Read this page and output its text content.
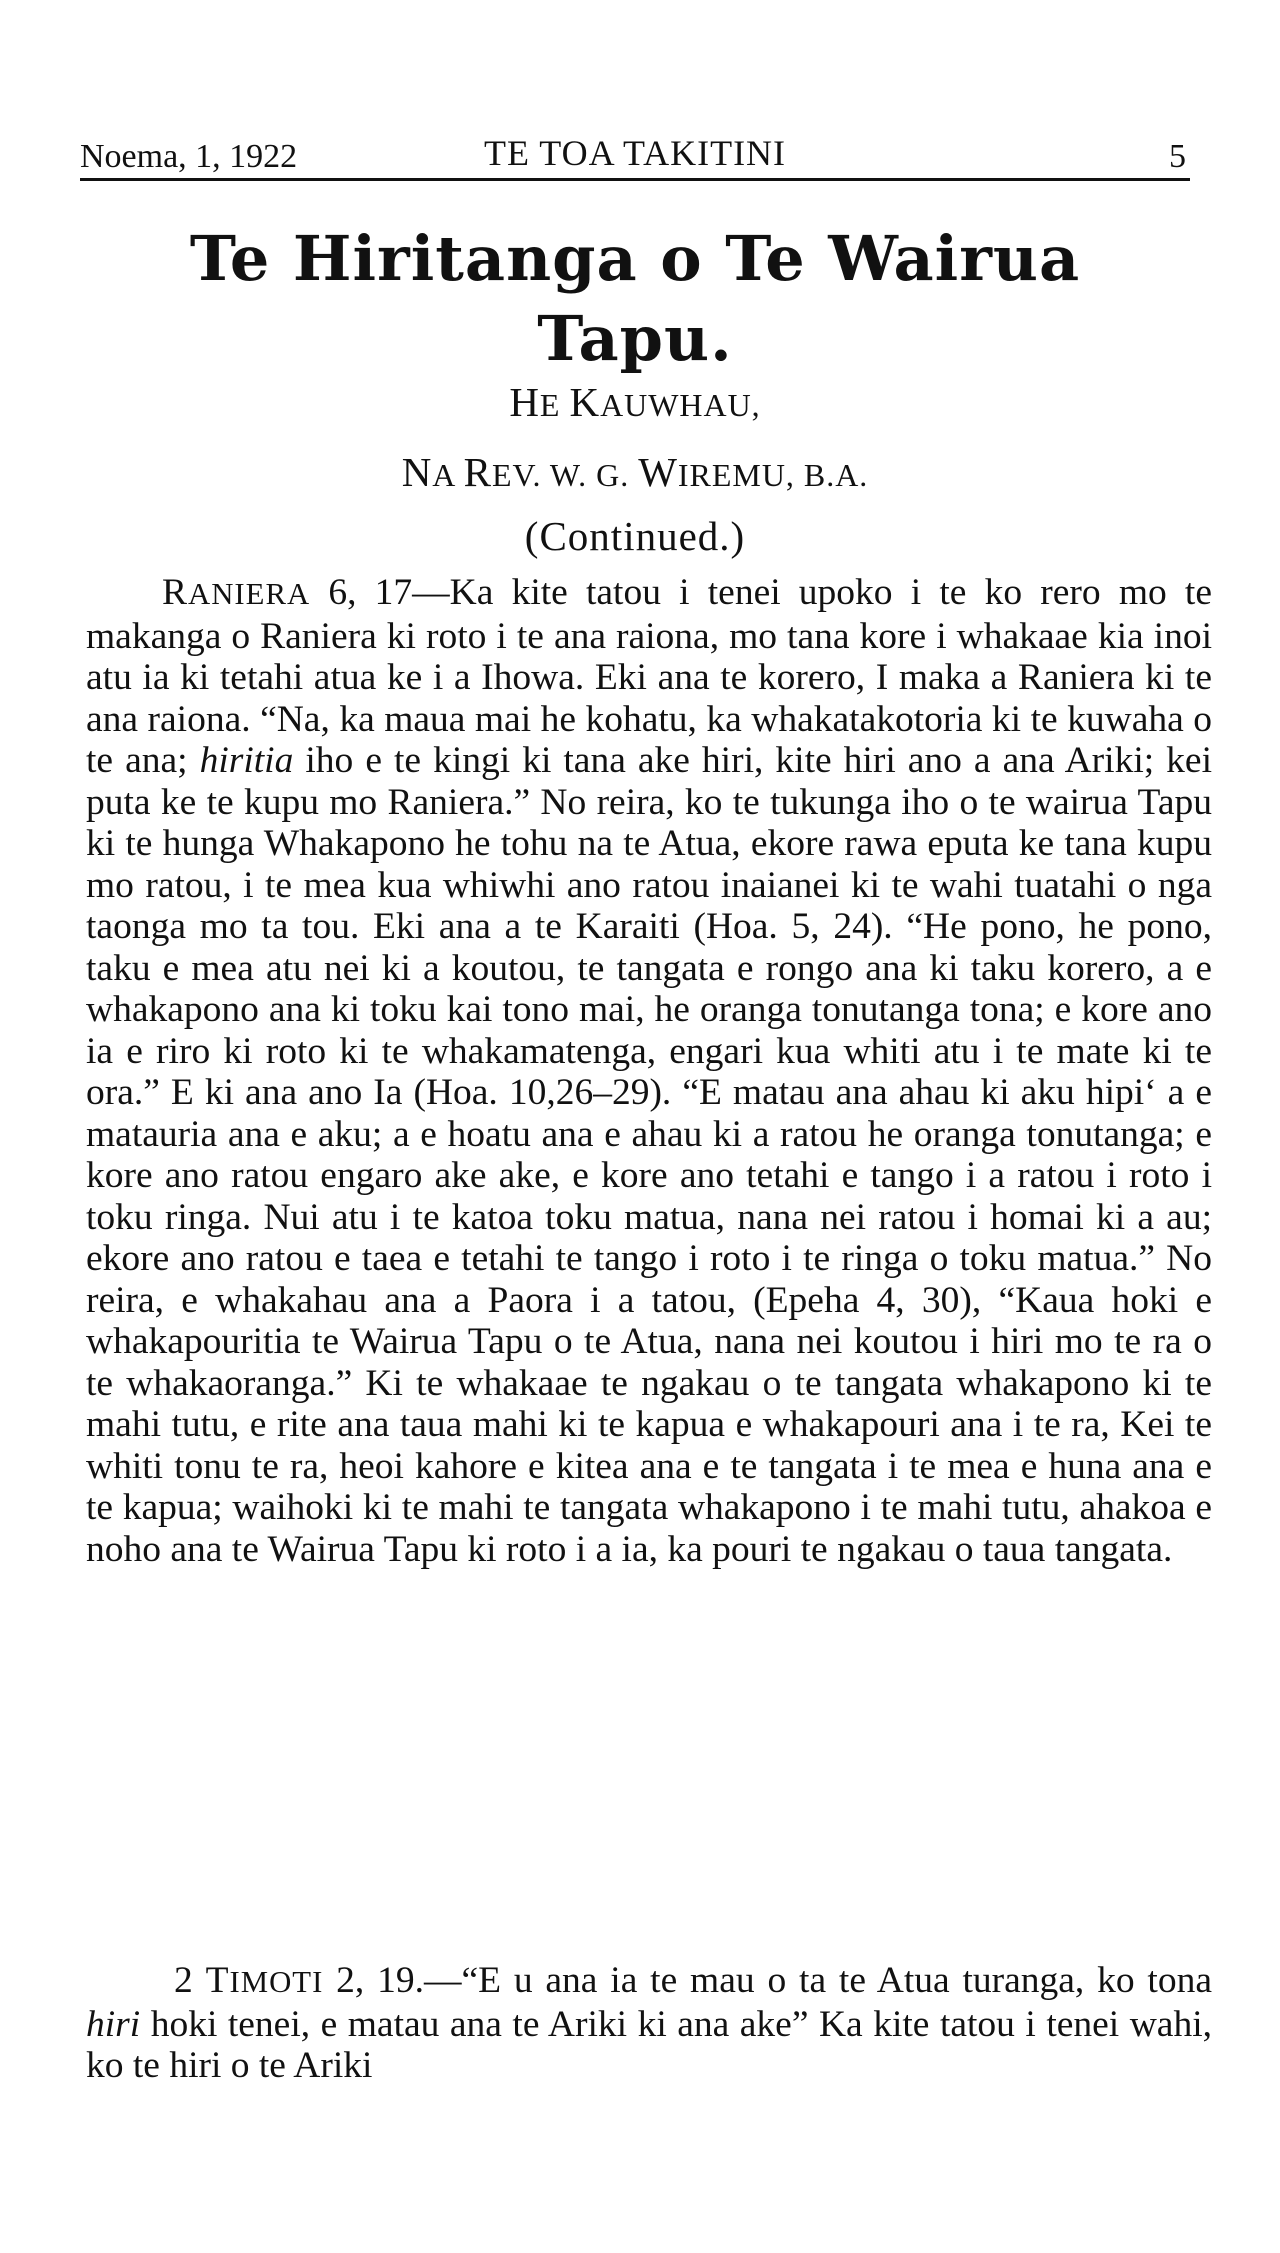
Noema, 1, 1922	TE TOA TAKITINI	5
Te Hiritanga o Te Wairua
Tapu.
HE KAUWHAU,
NA REV. W. G. WIREMU, B.A.
(Continued.)

RANIERA 6, 17—Ka kite tatou i tenei upoko i te ko rero mo te makanga o Raniera ki roto i te ana raiona, mo tana kore i whakaae kia inoi atu ia ki tetahi atua ke i a Ihowa. Eki ana te korero, I maka a Raniera ki te ana raiona. “Na, ka maua mai he kohatu, ka whakatakotoria ki te kuwaha o te ana; hiritia iho e te kingi ki tana ake hiri, kite hiri ano a ana Ariki; kei puta ke te kupu mo Raniera.” No reira, ko te tukunga iho o te wairua Tapu ki te hunga Whakapono he tohu na te Atua, ekore rawa eputa ke tana kupu mo ratou, i te mea kua whiwhi ano ratou inaianei ki te wahi tuatahi o nga taonga mo ta tou. Eki ana a te Karaiti (Hoa. 5, 24). “He pono, he pono, taku e mea atu nei ki a koutou, te tangata e rongo ana ki taku korero, a e whakapono ana ki toku kai tono mai, he oranga tonutanga tona; e kore ano ia e riro ki roto ki te whakamatenga, engari kua whiti atu i te mate ki te ora.” E ki ana ano Ia (Hoa. 10,26–29). “E matau ana ahau ki aku hipi‘ a e matauria ana e aku; a e hoatu ana e ahau ki a ratou he oranga tonutanga; e kore ano ratou engaro ake ake, e kore ano tetahi e tango i a ratou i roto i toku ringa. Nui atu i te katoa toku matua, nana nei ratou i homai ki a au; ekore ano ratou e taea e tetahi te tango i roto i te ringa o toku matua.” No reira, e whakahau ana a Paora i a tatou, (Epeha 4, 30), “Kaua hoki e whakapouritia te Wairua Tapu o te Atua, nana nei koutou i hiri mo te ra o te whakaoranga.” Ki te whakaae te ngakau o te tangata whakapono ki te mahi tutu, e rite ana taua mahi ki te kapua e whakapouri ana i te ra, Kei te whiti tonu te ra, heoi kahore e kitea ana e te tangata i te mea e huna ana e te kapua; waihoki ki te mahi te tangata whakapono i te mahi tutu, ahakoa e noho ana te Wairua Tapu ki roto i a ia, ka pouri te ngakau o taua tangata.

2 TIMOTI 2, 19.—“E u ana ia te mau o ta te Atua turanga, ko tona hiri hoki tenei, e matau ana te Ariki ki ana ake” Ka kite tatou i tenei wahi, ko te hiri o te Ariki
